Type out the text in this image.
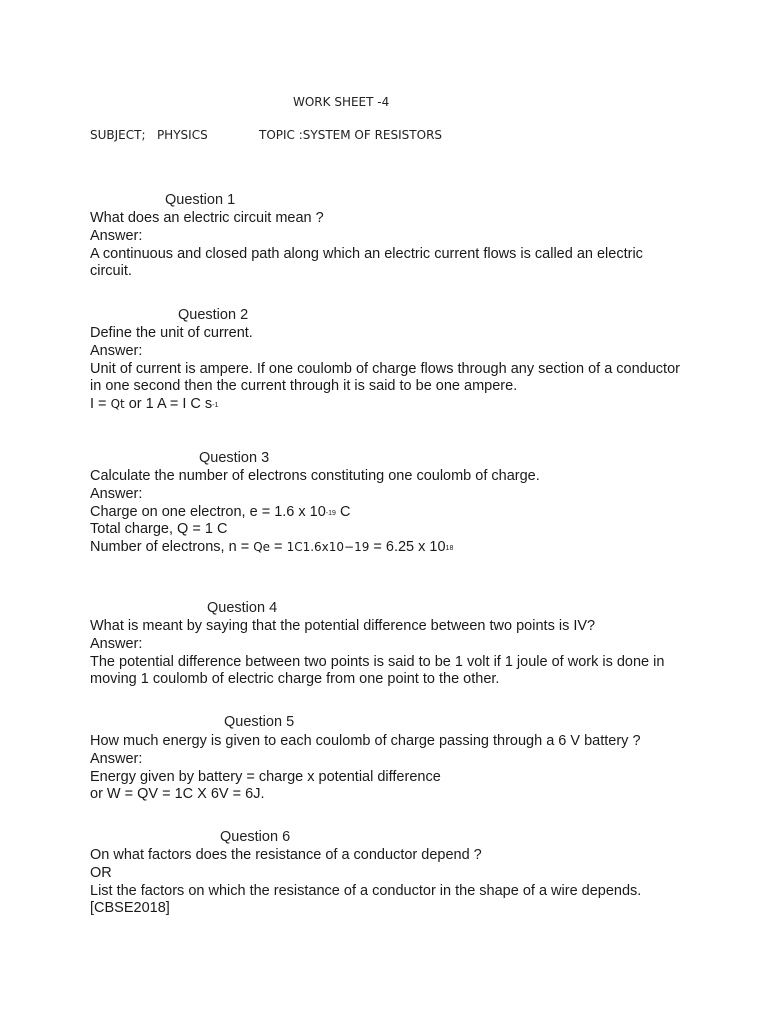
WORK SHEET -4
SUBJECT;   PHYSICS	TOPIC :SYSTEM OF RESISTORS
Question 1

What does an electric circuit mean ?

Answer:

A continuous and closed path along which an electric current flows is called an electric circuit.

Question 2

Define the unit of current.

Answer:

Unit of current is ampere. If one coulomb of charge flows through any section of a conductor in one second then the current through it is said to be one ampere.

I = Qt or 1 A = I C $s^{-1}$

Question 3

Calculate the number of electrons constituting one coulomb of charge.

Answer:

Charge on one electron, e = 1.6 x $10^{-19}$ C

Total charge, Q = 1 C

Number of electrons, n = Qe = 1C1.6x10−19 = 6.25 x $10^{18}$

Question 4

What is meant by saying that the potential difference between two points is IV?

Answer:

The potential difference between two points is said to be 1 volt if 1 joule of work is done in moving 1 coulomb of electric charge from one point to the other.

Question 5

How much energy is given to each coulomb of charge passing through a 6 V battery ?

Answer:

Energy given by battery = charge x potential difference

or W = QV = 1C X 6V = 6J.

Question 6

On what factors does the resistance of a conductor depend ?

OR

List the factors on which the resistance of a conductor in the shape of a wire depends.

[CBSE2018]
